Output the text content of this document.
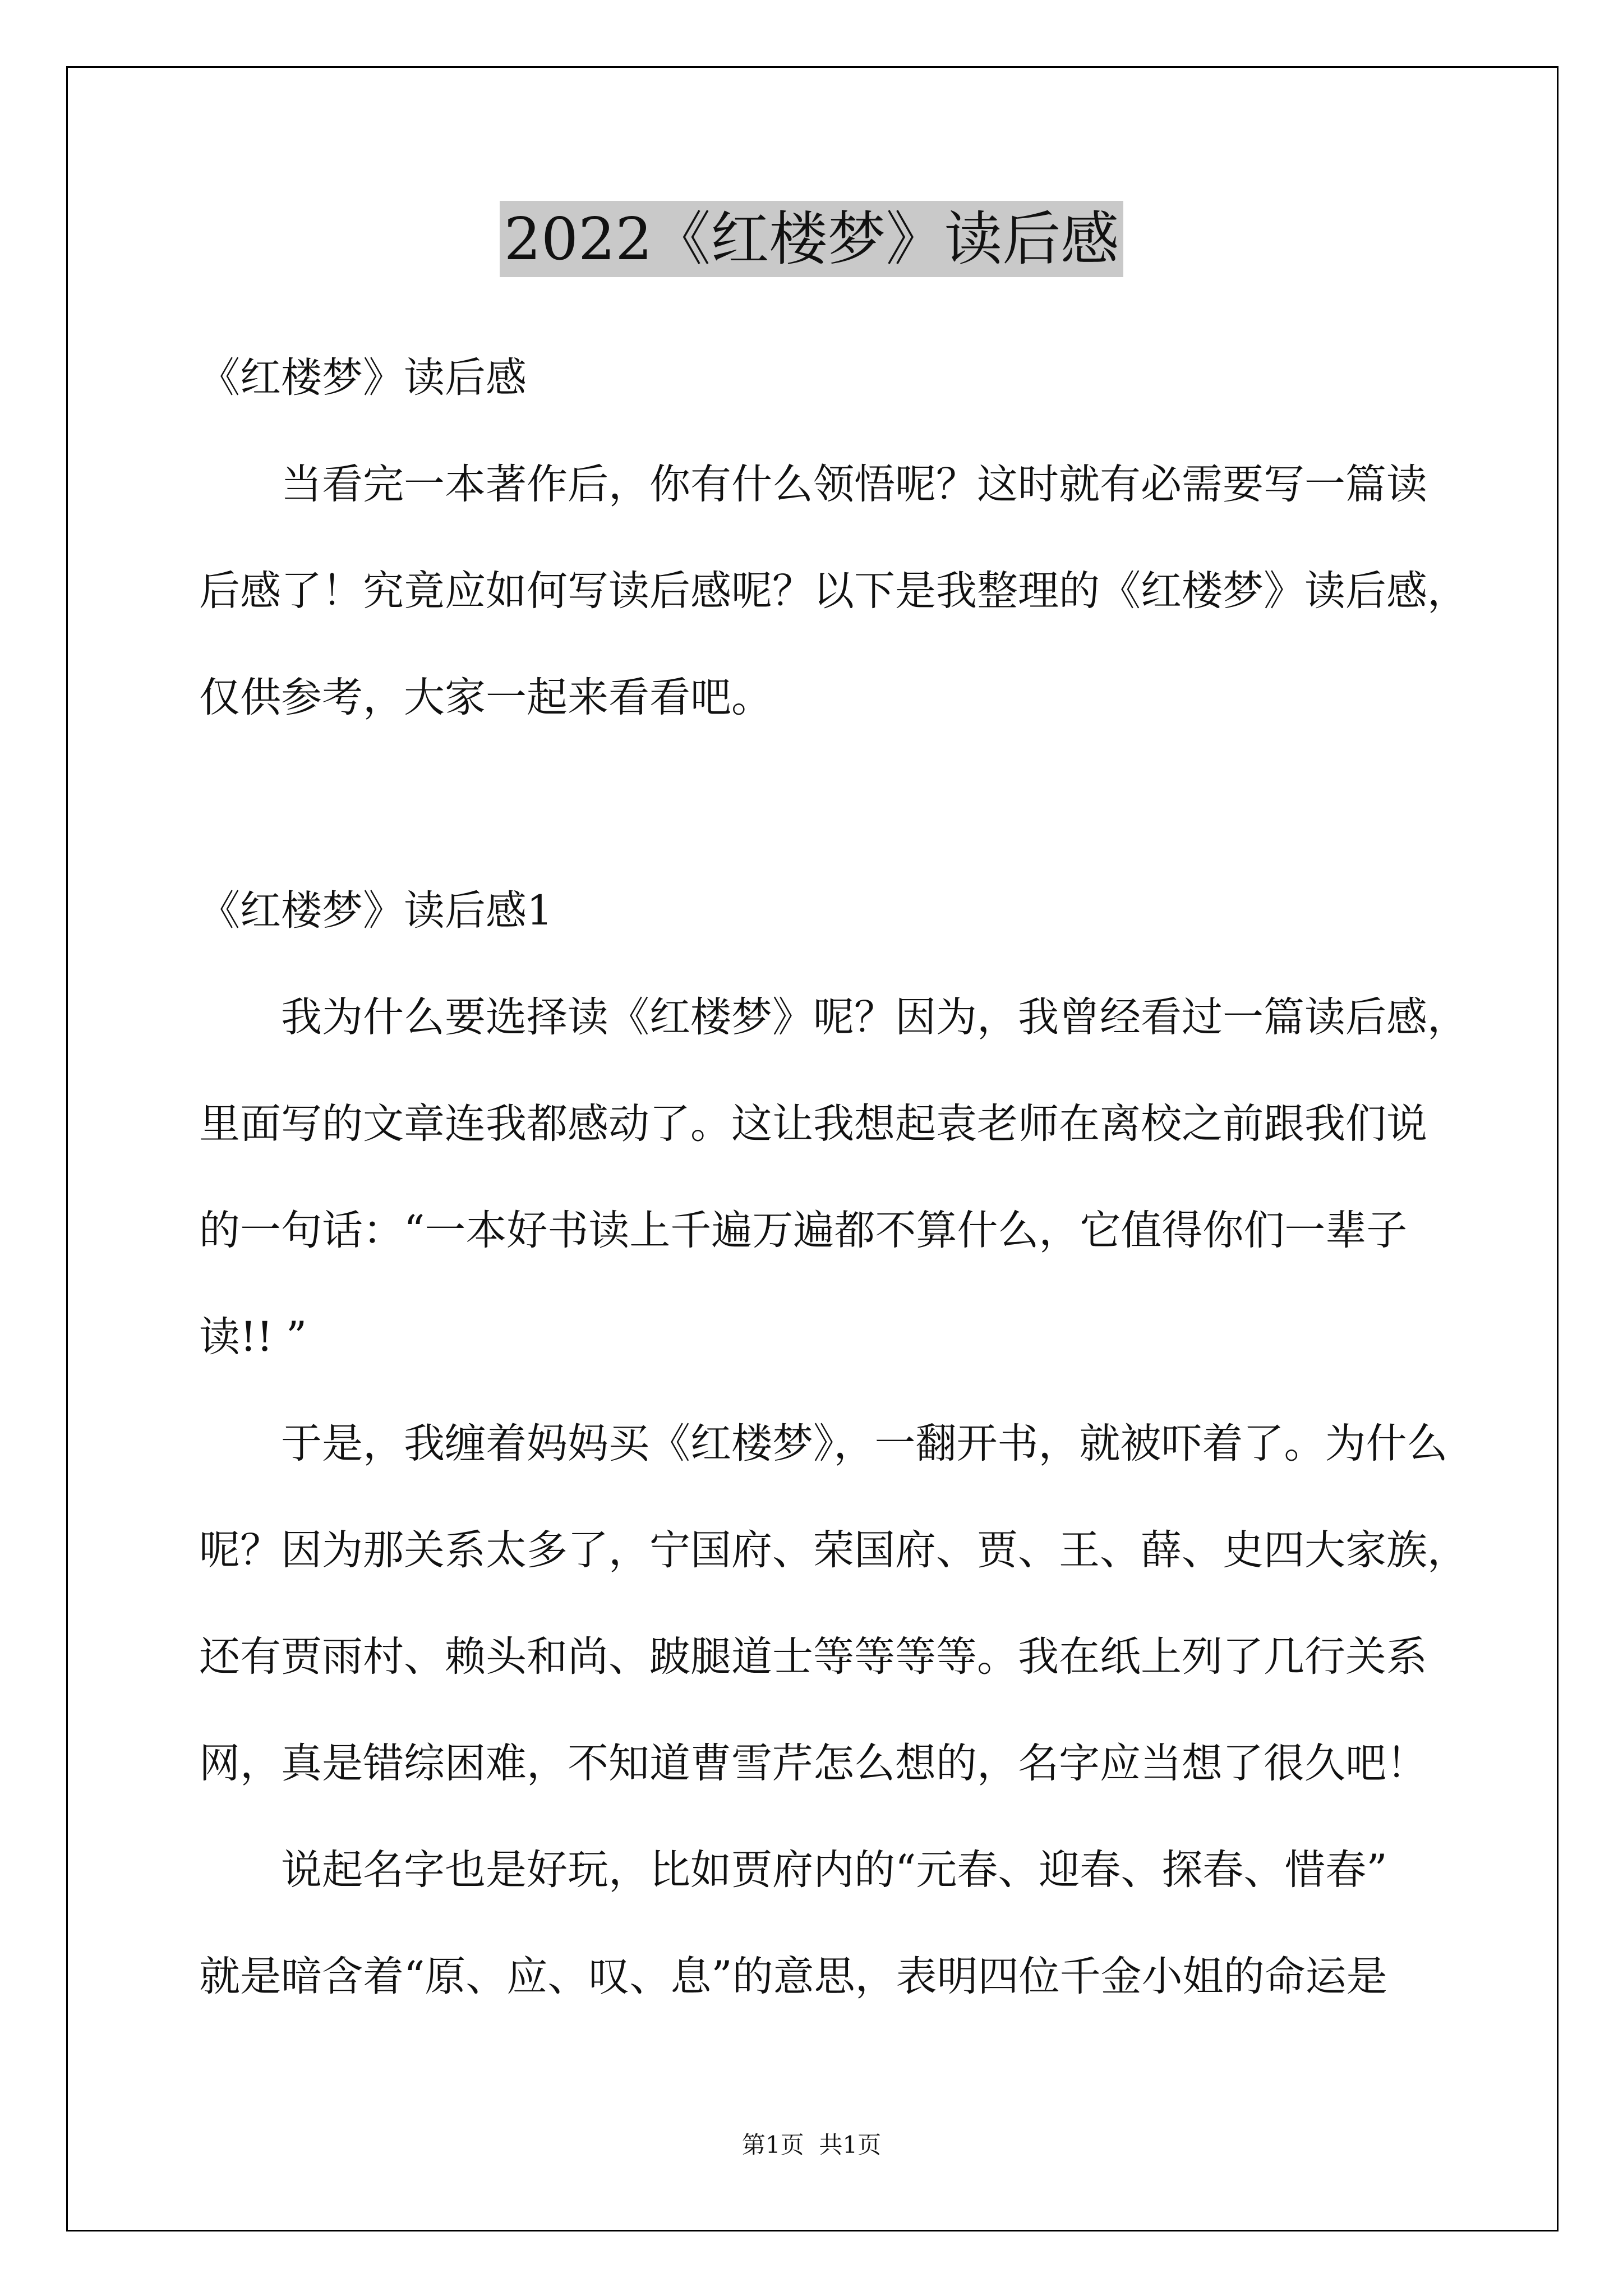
2022《红楼梦》读后感
《红楼梦》读后感
当看完一本著作后，你有什么领悟呢？这时就有必需要写一篇读
后感了！究竟应如何写读后感呢？以下是我整理的《红楼梦》读后感，
仅供参考，大家一起来看看吧。
《红楼梦》读后感1
我为什么要选择读《红楼梦》呢？因为，我曾经看过一篇读后感，
里面写的文章连我都感动了。这让我想起袁老师在离校之前跟我们说
的一句话：“一本好书读上千遍万遍都不算什么，它值得你们一辈子
读!! ”
于是，我缠着妈妈买《红楼梦》，一翻开书，就被吓着了。为什么
呢？因为那关系太多了，宁国府、荣国府、贾、王、薛、史四大家族，
还有贾雨村、赖头和尚、跛腿道士等等等等。我在纸上列了几行关系
网，真是错综困难，不知道曹雪芹怎么想的，名字应当想了很久吧！
说起名字也是好玩，比如贾府内的“元春、迎春、探春、惜春”
就是暗含着“原、应、叹、息”的意思，表明四位千金小姐的命运是
第1页  共1页
